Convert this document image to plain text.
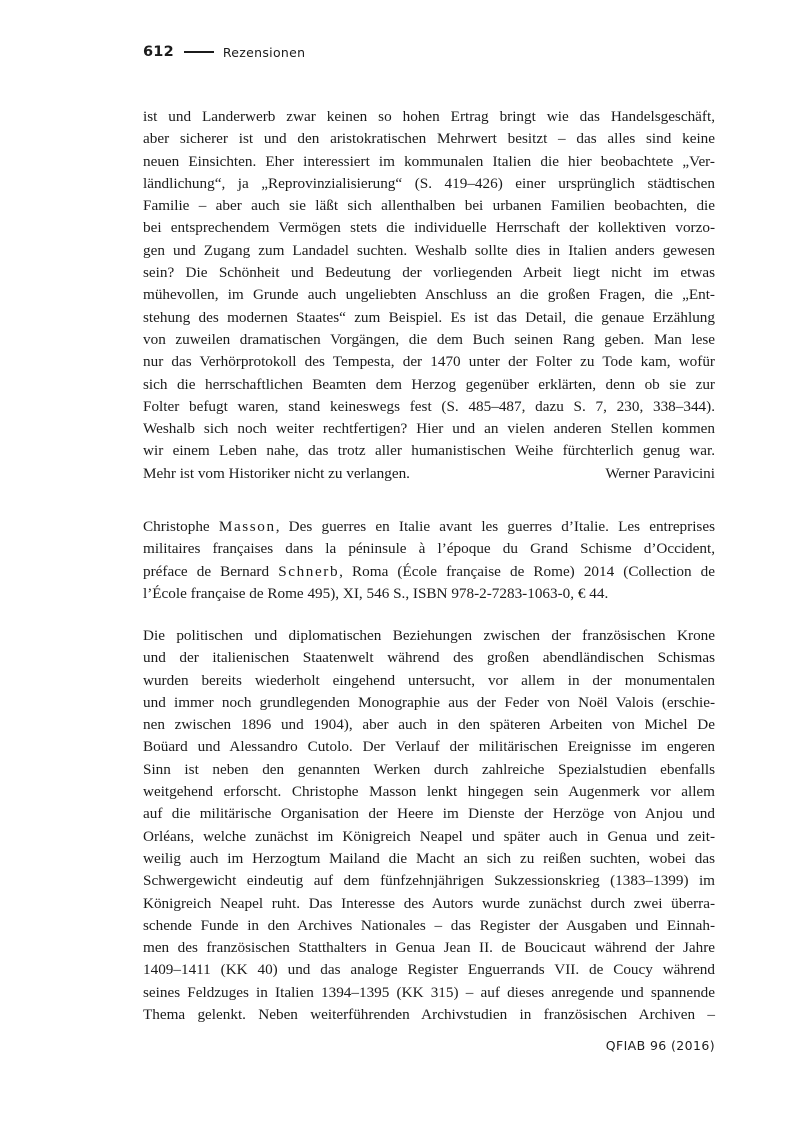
612	Rezensionen
ist und Landerwerb zwar keinen so hohen Ertrag bringt wie das Handelsgeschäft,
aber sicherer ist und den aristokratischen Mehrwert besitzt – das alles sind keine
neuen Einsichten. Eher interessiert im kommunalen Italien die hier beobachtete „Ver-
ländlichung“, ja „Reprovinzialisierung“ (S. 419–426) einer ursprünglich städtischen
Familie – aber auch sie läßt sich allenthalben bei urbanen Familien beobachten, die
bei entsprechendem Vermögen stets die individuelle Herrschaft der kollektiven vorzo-
gen und Zugang zum Landadel suchten. Weshalb sollte dies in Italien anders gewesen
sein? Die Schönheit und Bedeutung der vorliegenden Arbeit liegt nicht im etwas
mühevollen, im Grunde auch ungeliebten Anschluss an die großen Fragen, die „Ent-
stehung des modernen Staates“ zum Beispiel. Es ist das Detail, die genaue Erzählung
von zuweilen dramatischen Vorgängen, die dem Buch seinen Rang geben. Man lese
nur das Verhörprotokoll des Tempesta, der 1470 unter der Folter zu Tode kam, wofür
sich die herrschaftlichen Beamten dem Herzog gegenüber erklärten, denn ob sie zur
Folter befugt waren, stand keineswegs fest (S. 485–487, dazu S. 7, 230, 338–344).
Weshalb sich noch weiter rechtfertigen? Hier und an vielen anderen Stellen kommen
wir einem Leben nahe, das trotz aller humanistischen Weihe fürchterlich genug war.
Mehr ist vom Historiker nicht zu verlangen.	Werner Paravicini
Christophe Masson, Des guerres en Italie avant les guerres d’Italie. Les entreprises
militaires françaises dans la péninsule à l’époque du Grand Schisme d’Occident,
préface de Bernard Schnerb, Roma (École française de Rome) 2014 (Collection de
l’École française de Rome 495), XI, 546 S., ISBN 978-2-7283-1063-0, € 44.
Die politischen und diplomatischen Beziehungen zwischen der französischen Krone
und der italienischen Staatenwelt während des großen abendländischen Schismas
wurden bereits wiederholt eingehend untersucht, vor allem in der monumentalen
und immer noch grundlegenden Monographie aus der Feder von Noël Valois (erschie-
nen zwischen 1896 und 1904), aber auch in den späteren Arbeiten von Michel De
Boüard und Alessandro Cutolo. Der Verlauf der militärischen Ereignisse im engeren
Sinn ist neben den genannten Werken durch zahlreiche Spezialstudien ebenfalls
weitgehend erforscht. Christophe Masson lenkt hingegen sein Augenmerk vor allem
auf die militärische Organisation der Heere im Dienste der Herzöge von Anjou und
Orléans, welche zunächst im Königreich Neapel und später auch in Genua und zeit-
weilig auch im Herzogtum Mailand die Macht an sich zu reißen suchten, wobei das
Schwergewicht eindeutig auf dem fünfzehnjährigen Sukzessionskrieg (1383–1399) im
Königreich Neapel ruht. Das Interesse des Autors wurde zunächst durch zwei überra-
schende Funde in den Archives Nationales – das Register der Ausgaben und Einnah-
men des französischen Statthalters in Genua Jean II. de Boucicaut während der Jahre
1409–1411 (KK 40) und das analoge Register Enguerrands VII. de Coucy während
seines Feldzuges in Italien 1394–1395 (KK 315) – auf dieses anregende und spannende
Thema gelenkt. Neben weiterführenden Archivstudien in französischen Archiven –
QFIAB 96 (2016)
